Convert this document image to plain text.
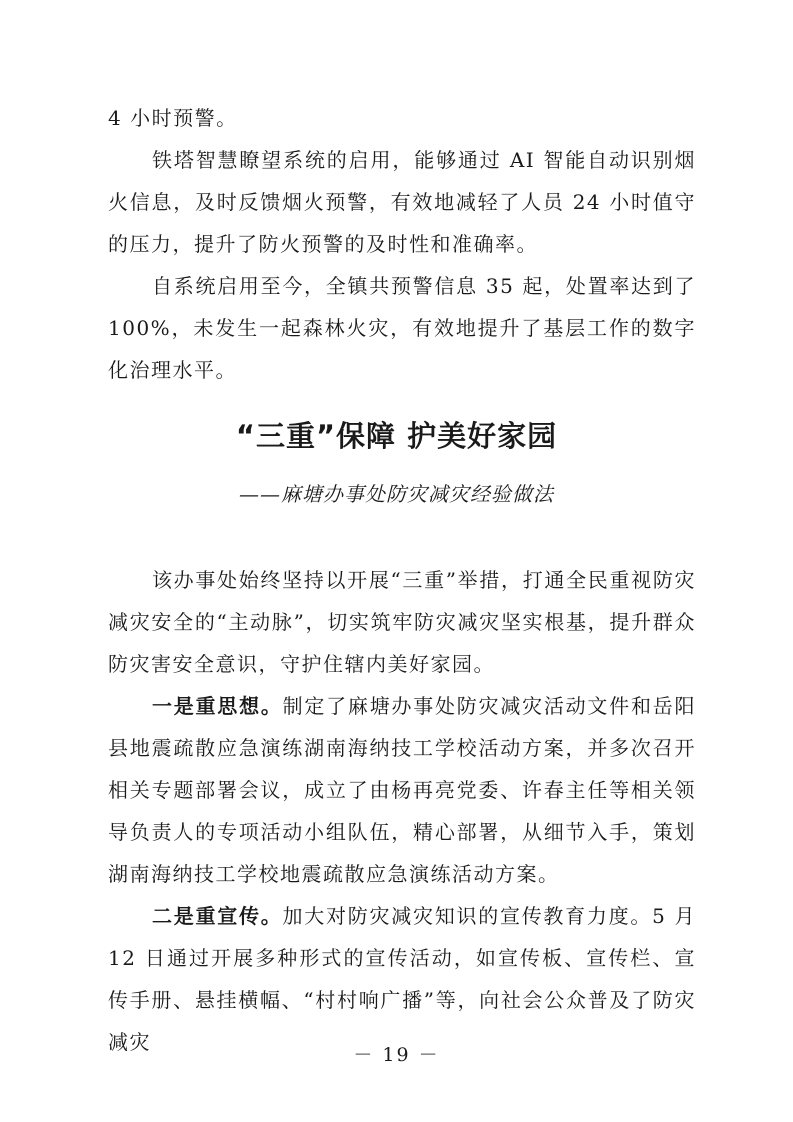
4 小时预警。

铁塔智慧瞭望系统的启用，能够通过 AI 智能自动识别烟火信息，及时反馈烟火预警，有效地减轻了人员 24 小时值守的压力，提升了防火预警的及时性和准确率。

自系统启用至今，全镇共预警信息 35 起，处置率达到了 100%，未发生一起森林火灾，有效地提升了基层工作的数字化治理水平。

“三重”保障 护美好家园

——麻塘办事处防灾减灾经验做法

该办事处始终坚持以开展“三重”举措，打通全民重视防灾减灾安全的“主动脉”，切实筑牢防灾减灾坚实根基，提升群众防灾害安全意识，守护住辖内美好家园。

一是重思想。制定了麻塘办事处防灾减灾活动文件和岳阳县地震疏散应急演练湖南海纳技工学校活动方案，并多次召开相关专题部署会议，成立了由杨再亮党委、许春主任等相关领导负责人的专项活动小组队伍，精心部署，从细节入手，策划湖南海纳技工学校地震疏散应急演练活动方案。

二是重宣传。加大对防灾减灾知识的宣传教育力度。5 月 12 日通过开展多种形式的宣传活动，如宣传板、宣传栏、宣传手册、悬挂横幅、“村村响广播”等，向社会公众普及了防灾减灾

－ 19 －
